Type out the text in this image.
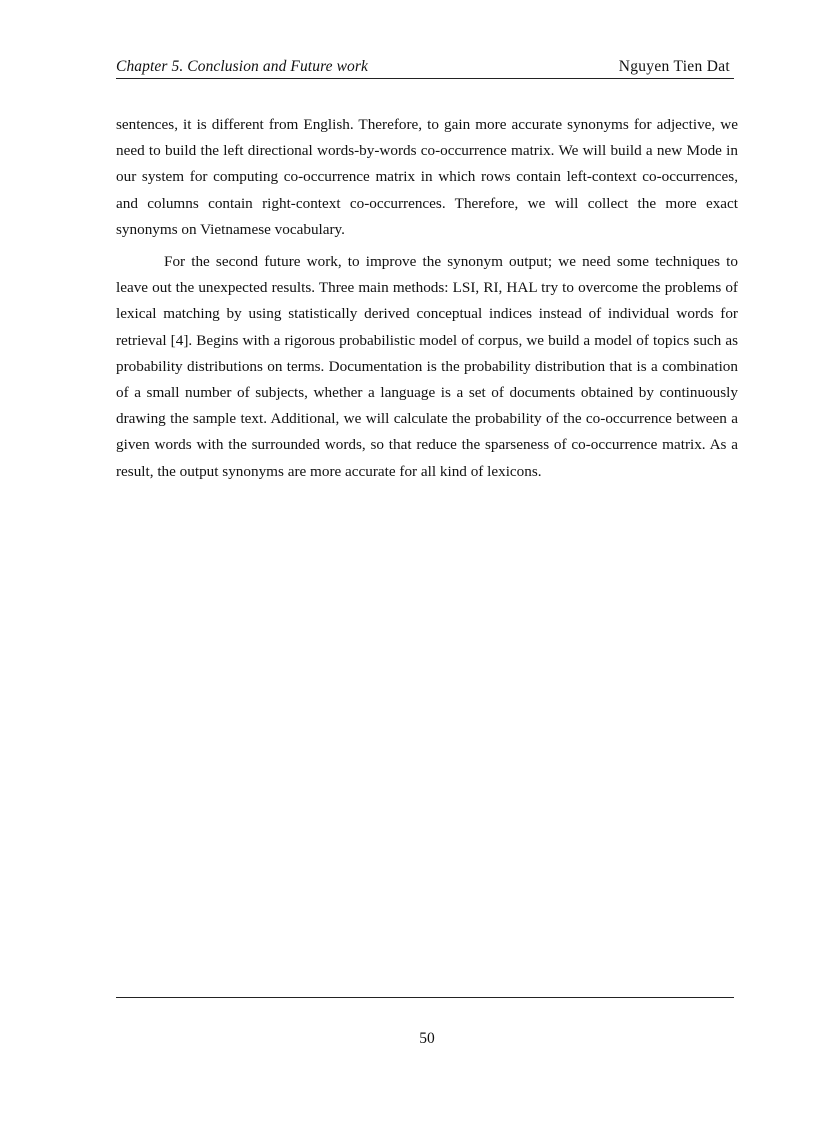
Chapter 5. Conclusion and Future work	Nguyen Tien Dat

sentences, it is different from English. Therefore, to gain more accurate synonyms for adjective, we need to build the left directional words-by-words co-occurrence matrix. We will build a new Mode in our system for computing co-occurrence matrix in which rows contain left-context co-occurrences, and columns contain right-context co-occurrences. Therefore, we will collect the more exact synonyms on Vietnamese vocabulary.

For the second future work, to improve the synonym output; we need some techniques to leave out the unexpected results. Three main methods: LSI, RI, HAL try to overcome the problems of lexical matching by using statistically derived conceptual indices instead of individual words for retrieval [4]. Begins with a rigorous probabilistic model of corpus, we build a model of topics such as probability distributions on terms. Documentation is the probability distribution that is a combination of a small number of subjects, whether a language is a set of documents obtained by continuously drawing the sample text. Additional, we will calculate the probability of the co-occurrence between a given words with the surrounded words, so that reduce the sparseness of co-occurrence matrix. As a result, the output synonyms are more accurate for all kind of lexicons.

50
